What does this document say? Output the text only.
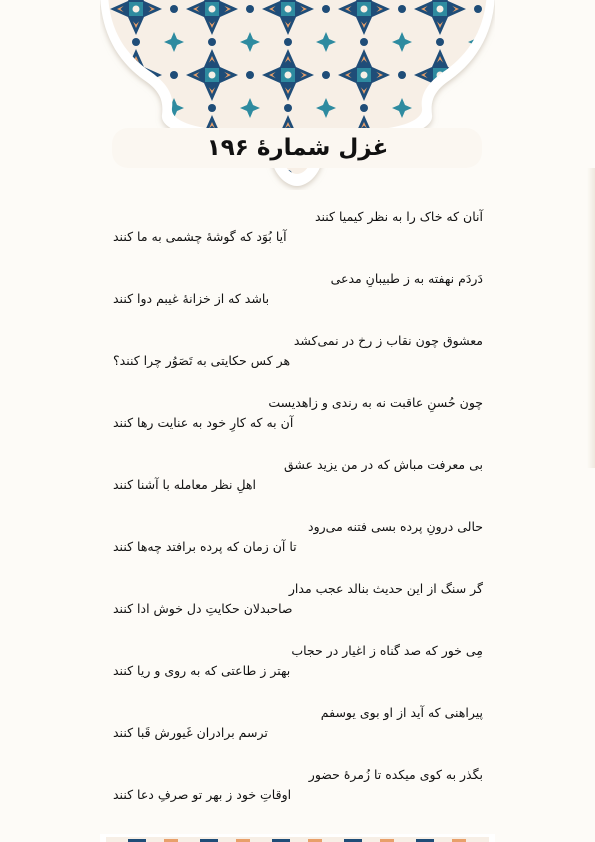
غزل شمارهٔ ۱۹۶
آنان که خاک را به نظر کیمیا کنند
آیا بُوَد که گوشهٔ چشمی به ما کنند
دَردَم نهفته به ز طبیبانِ مدعی
باشد که از خزانهٔ غیبم دوا کنند
معشوق چون نقاب ز رخ در نمی‌کشد
هر کس حکایتی به تَصَوُر چرا کنند؟
چون حُسنِ عاقبت نه به رندی و زاهدیست
آن به که کارِ خود به عنایت رها کنند
بی معرفت مباش که در من یزید عشق
اهلِ نظر معامله با آشنا کنند
حالی درونِ پرده بسی فتنه می‌رود
تا آن زمان که پرده برافتد چه‌ها کنند
گر سنگ از این حدیث بنالد عجب مدار
صاحبدلان حکایتِ دل خوش ادا کنند
مِی خور که صد گناه ز اغیار در حجاب
بهتر ز طاعتی که به روی و ریا کنند
پیراهنی که آید از او بوی یوسفم
ترسم برادران غَیورش قَبا کنند
بگذر به کوی میکده تا زُمرهٔ حضور
اوقاتِ خود ز بهر تو صرفِ دعا کنند
